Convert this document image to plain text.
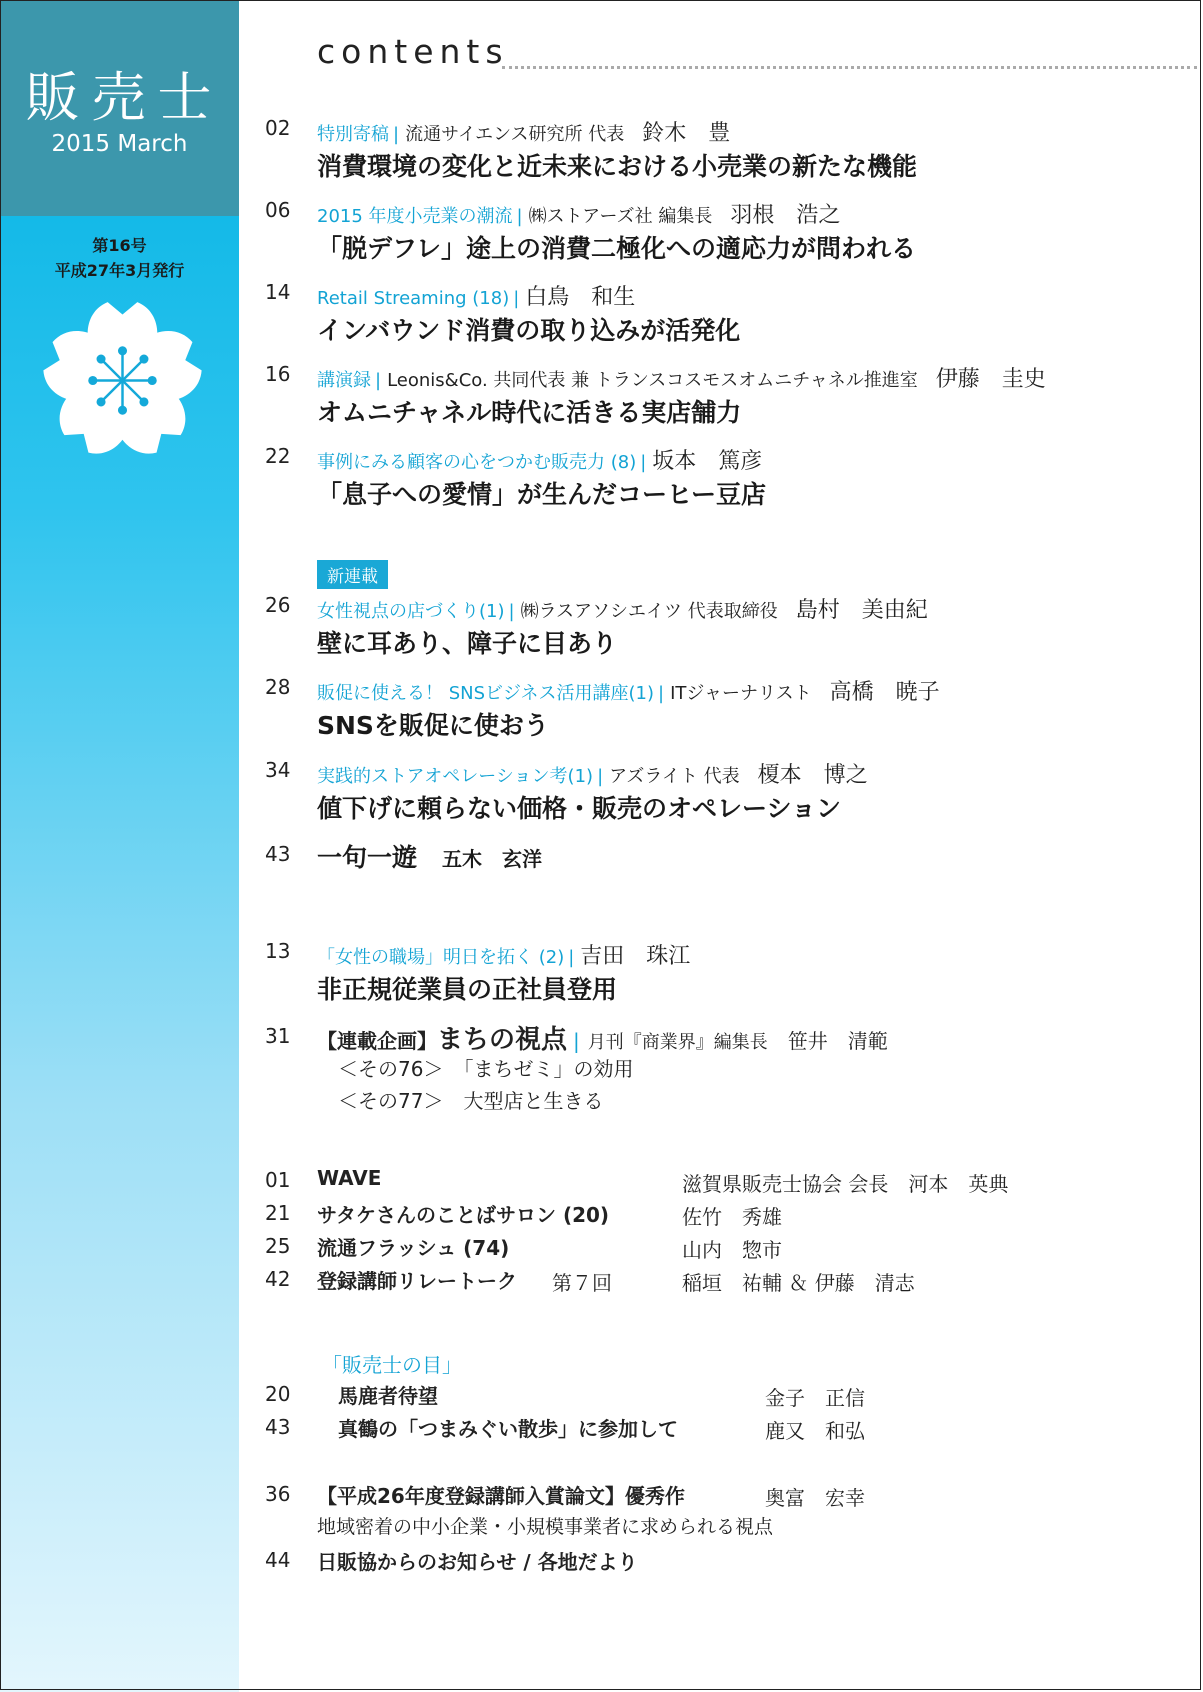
販売士
2015 March
第16号
平成27年3月発行
contents
02 特別寄稿 | 流通サイエンス研究所 代表　 鈴木　豊
消費環境の変化と近未来における小売業の新たな機能
06 2015 年度小売業の潮流 | ㈱ストアーズ社 編集長　 羽根　浩之
「脱デフレ」途上の消費二極化への適応力が問われる
14 Retail Streaming (18) | 白鳥　和生
インバウンド消費の取り込みが活発化
16 講演録 | Leonis&Co. 共同代表 兼 トランスコスモスオムニチャネル推進室　 伊藤　圭史
オムニチャネル時代に活きる実店舗力
22 事例にみる顧客の心をつかむ販売力 (8) | 坂本　篤彦
「息子への愛情」が生んだコーヒー豆店
新連載
26 女性視点の店づくり(1) | ㈱ラスアソシエイツ 代表取締役　 島村　美由紀
壁に耳あり、障子に目あり
28 販促に使える！ SNSビジネス活用講座(1) | ITジャーナリスト　 高橋　暁子
SNSを販促に使おう
34 実践的ストアオペレーション考(1) | アズライト 代表　 榎本　博之
値下げに頼らない価格・販売のオペレーション
43 一句一遊　 五木　玄洋
13 「女性の職場」明日を拓く (2) | 吉田　珠江
非正規従業員の正社員登用
31 【連載企画】まちの視点 | 月刊『商業界』編集長　 笹井　清範
＜その76＞　「まちゼミ」の効用
＜その77＞　大型店と生きる
01 WAVE	滋賀県販売士協会 会長　河本　英典
21 サタケさんのことばサロン (20)	佐竹　秀雄
25 流通フラッシュ (74)	山内　惣市
42 登録講師リレートーク 第７回	稲垣　祐輔 ＆ 伊藤　清志
「販売士の目」
20 馬鹿者待望	金子　正信
43 真鶴の「つまみぐい散歩」に参加して	鹿又　和弘
36 【平成26年度登録講師入賞論文】優秀作	奥富　宏幸
地域密着の中小企業・小規模事業者に求められる視点
44 日販協からのお知らせ / 各地だより
